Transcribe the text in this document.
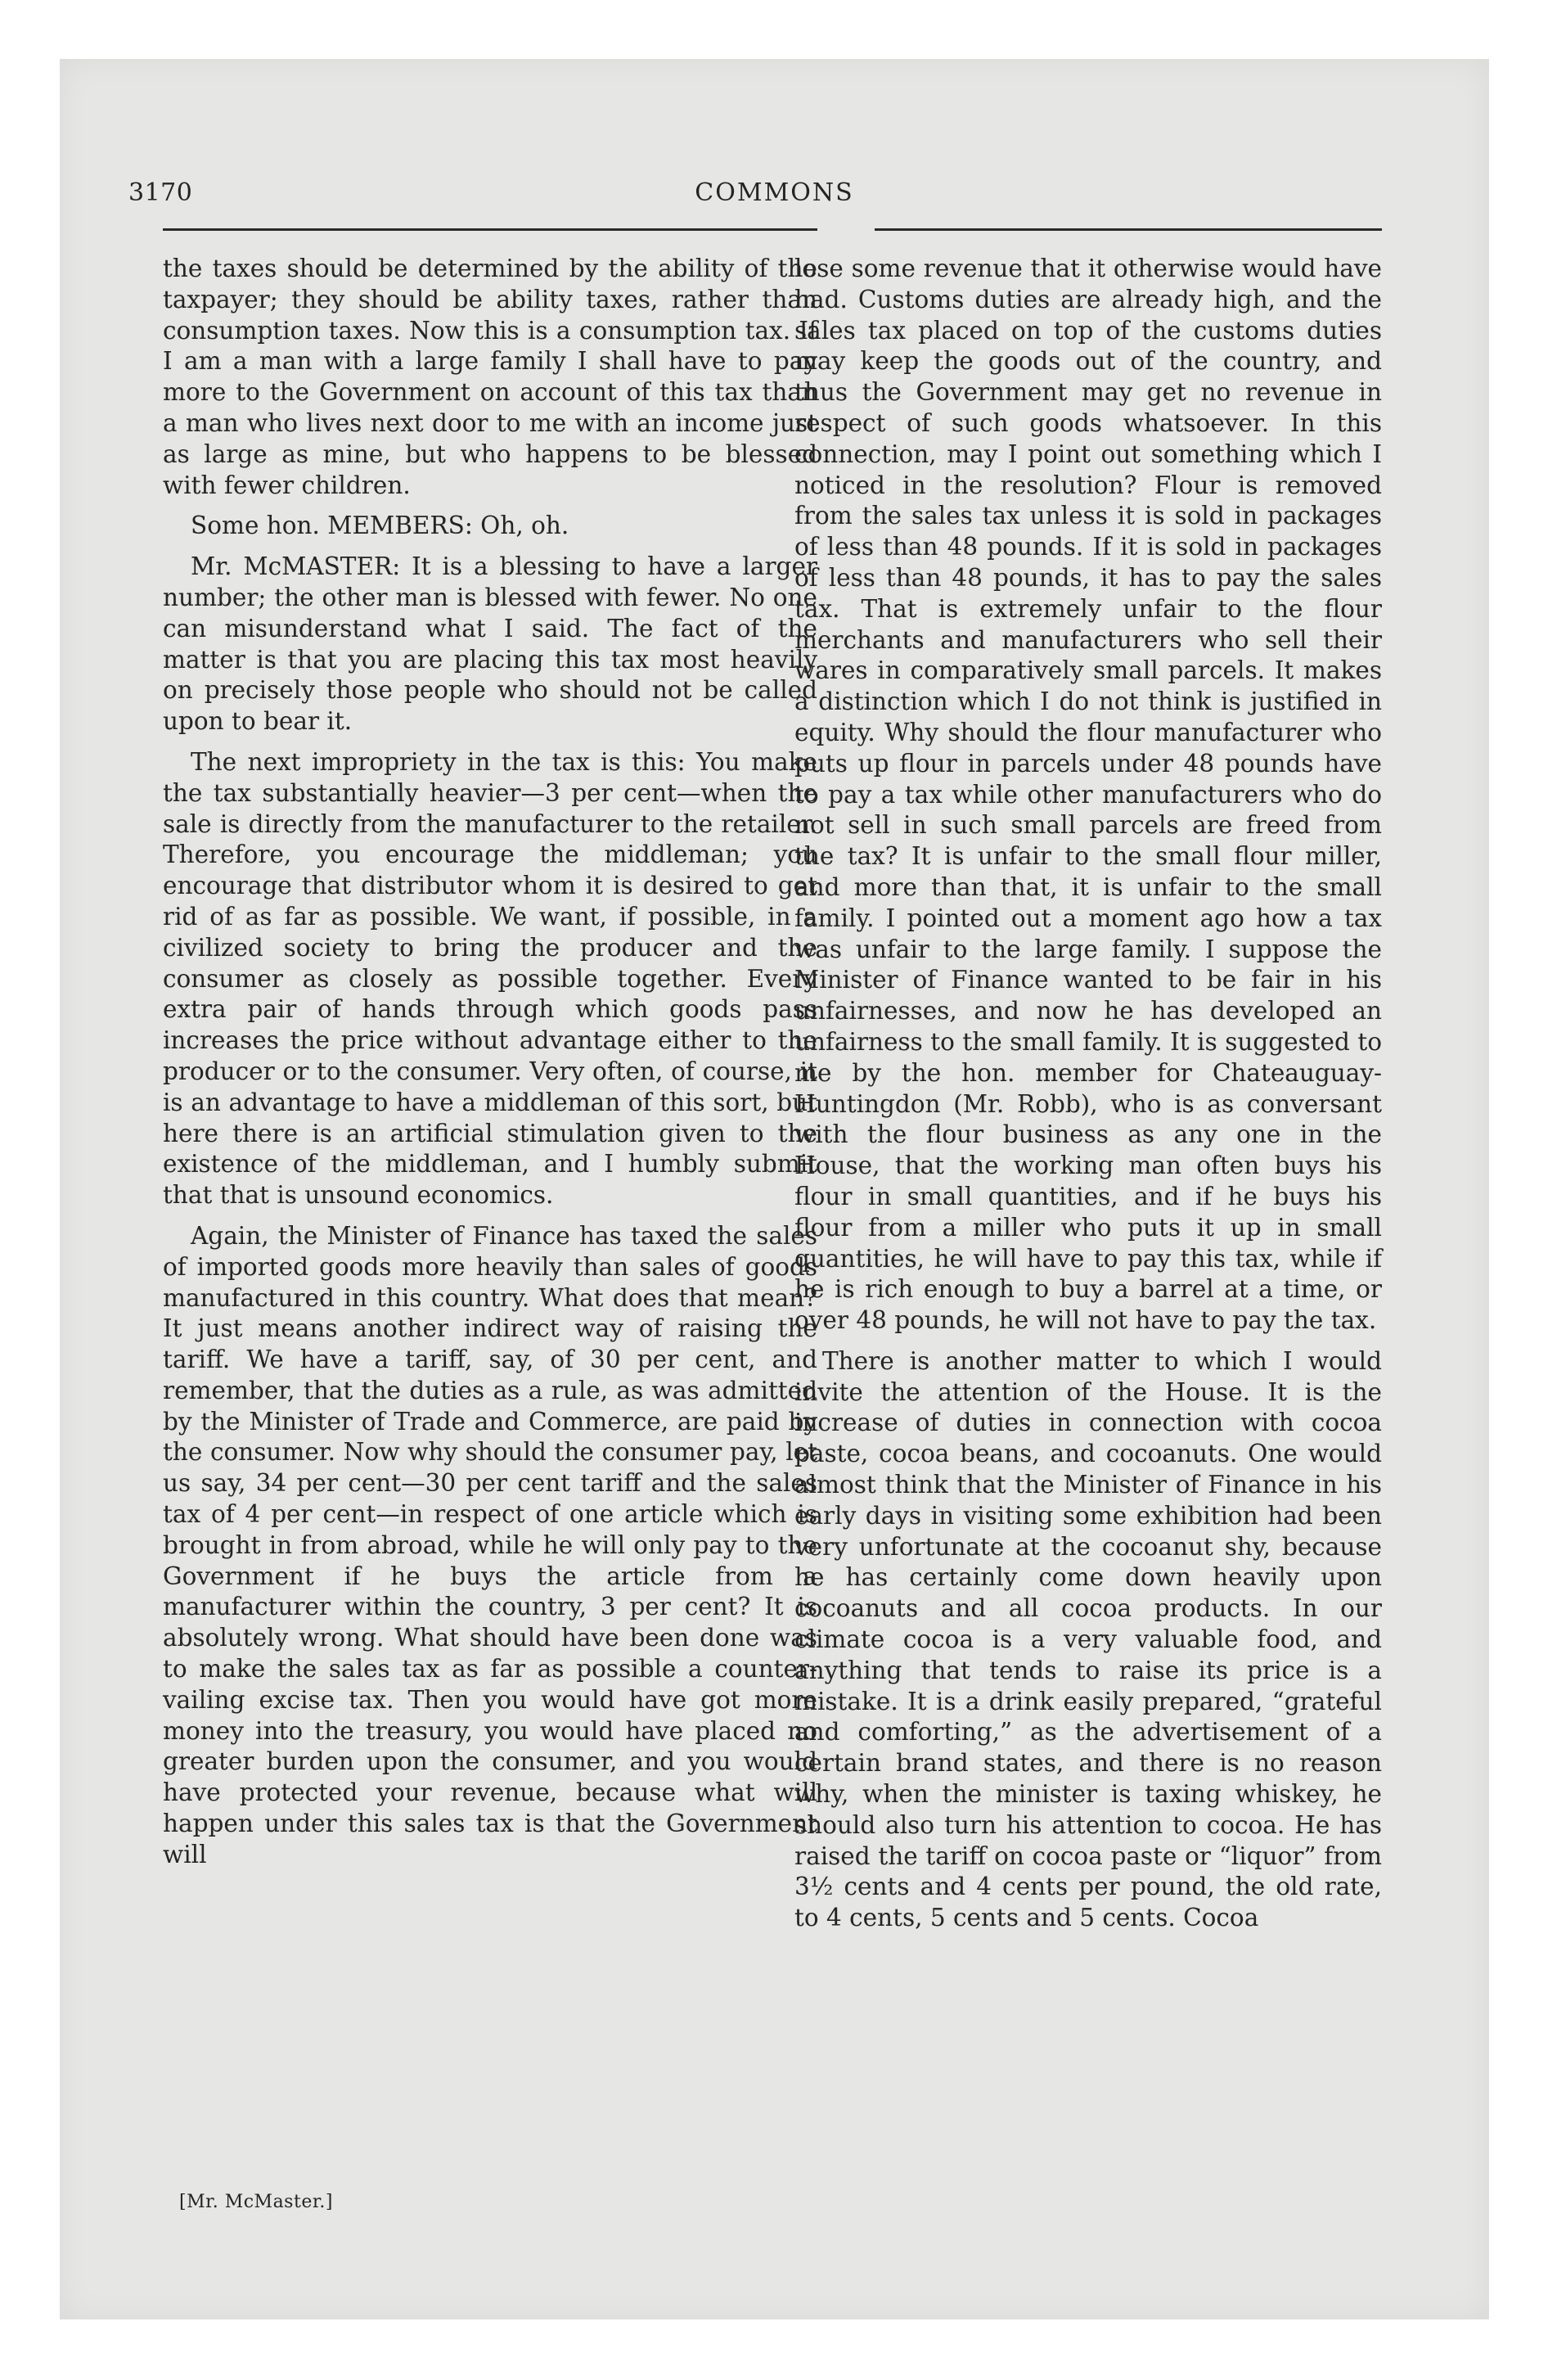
3170	COMMONS

the taxes should be determined by the ability of the taxpayer; they should be ability taxes, rather than consumption taxes. Now this is a consumption tax. If I am a man with a large family I shall have to pay more to the Government on account of this tax than a man who lives next door to me with an income just as large as mine, but who happens to be blessed with fewer children.

Some hon. MEMBERS: Oh, oh.

Mr. McMASTER: It is a blessing to have a larger number; the other man is blessed with fewer. No one can misunderstand what I said. The fact of the matter is that you are placing this tax most heavily on precisely those people who should not be called upon to bear it.

The next impropriety in the tax is this: You make the tax substantially heavier—3 per cent—when the sale is directly from the manufacturer to the retailer. Therefore, you encourage the middleman; you encourage that distributor whom it is desired to get rid of as far as possible. We want, if possible, in a civilized society to bring the producer and the consumer as closely as possible together. Every extra pair of hands through which goods pass increases the price without advantage either to the producer or to the consumer. Very often, of course, it is an advantage to have a middleman of this sort, but here there is an artificial stimulation given to the existence of the middleman, and I humbly submit that that is unsound economics.

Again, the Minister of Finance has taxed the sales of imported goods more heavily than sales of goods manufactured in this country. What does that mean? It just means another indirect way of raising the tariff. We have a tariff, say, of 30 per cent, and remember, that the duties as a rule, as was admitted by the Minister of Trade and Commerce, are paid by the consumer. Now why should the consumer pay, let us say, 34 per cent—30 per cent tariff and the sales tax of 4 per cent—in respect of one article which is brought in from abroad, while he will only pay to the Government if he buys the article from a manufacturer within the country, 3 per cent? It is absolutely wrong. What should have been done was to make the sales tax as far as possible a counter-vailing excise tax. Then you would have got more money into the treasury, you would have placed no greater burden upon the consumer, and you would have protected your revenue, because what will happen under this sales tax is that the Government will

lose some revenue that it otherwise would have had. Customs duties are already high, and the sales tax placed on top of the customs duties may keep the goods out of the country, and thus the Government may get no revenue in respect of such goods whatsoever. In this connection, may I point out something which I noticed in the resolution? Flour is removed from the sales tax unless it is sold in packages of less than 48 pounds. If it is sold in packages of less than 48 pounds, it has to pay the sales tax. That is extremely unfair to the flour merchants and manufacturers who sell their wares in comparatively small parcels. It makes a distinction which I do not think is justified in equity. Why should the flour manufacturer who puts up flour in parcels under 48 pounds have to pay a tax while other manufacturers who do not sell in such small parcels are freed from the tax? It is unfair to the small flour miller, and more than that, it is unfair to the small family. I pointed out a moment ago how a tax was unfair to the large family. I suppose the Minister of Finance wanted to be fair in his unfairnesses, and now he has developed an unfairness to the small family. It is suggested to me by the hon. member for Chateauguay-Huntingdon (Mr. Robb), who is as conversant with the flour business as any one in the House, that the working man often buys his flour in small quantities, and if he buys his flour from a miller who puts it up in small quantities, he will have to pay this tax, while if he is rich enough to buy a barrel at a time, or over 48 pounds, he will not have to pay the tax.

There is another matter to which I would invite the attention of the House. It is the increase of duties in connection with cocoa paste, cocoa beans, and cocoanuts. One would almost think that the Minister of Finance in his early days in visiting some exhibition had been very unfortunate at the cocoanut shy, because he has certainly come down heavily upon cocoanuts and all cocoa products. In our climate cocoa is a very valuable food, and anything that tends to raise its price is a mistake. It is a drink easily prepared, “grateful and comforting,” as the advertisement of a certain brand states, and there is no reason why, when the minister is taxing whiskey, he should also turn his attention to cocoa. He has raised the tariff on cocoa paste or “liquor” from 3½ cents and 4 cents per pound, the old rate, to 4 cents, 5 cents and 5 cents. Cocoa

[Mr. McMaster.]
